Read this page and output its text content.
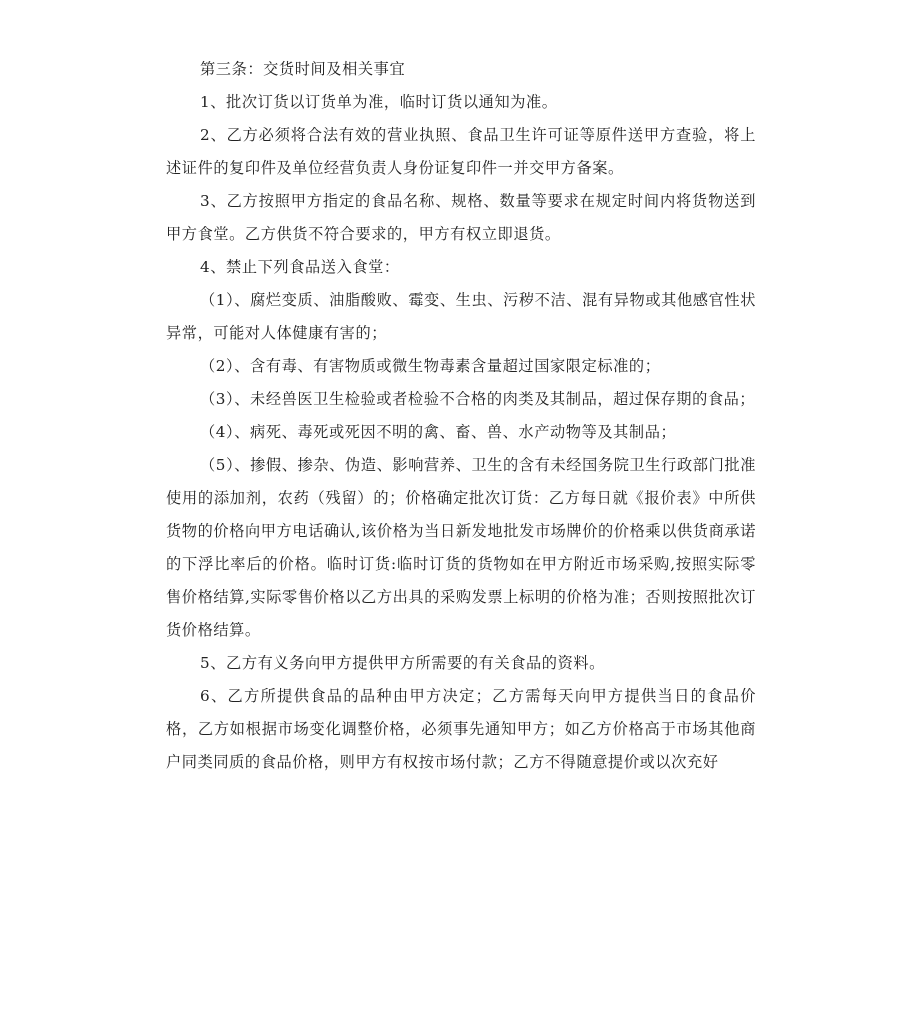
第三条：交货时间及相关事宜

1、批次订货以订货单为准，临时订货以通知为准。

2、乙方必须将合法有效的营业执照、食品卫生许可证等原件送甲方查验，将上述证件的复印件及单位经营负责人身份证复印件一并交甲方备案。

3、乙方按照甲方指定的食品名称、规格、数量等要求在规定时间内将货物送到甲方食堂。乙方供货不符合要求的，甲方有权立即退货。

4、禁止下列食品送入食堂：

（1）、腐烂变质、油脂酸败、霉变、生虫、污秽不洁、混有异物或其他感官性状异常，可能对人体健康有害的；

（2）、含有毒、有害物质或微生物毒素含量超过国家限定标准的；

（3）、未经兽医卫生检验或者检验不合格的肉类及其制品，超过保存期的食品；

（4）、病死、毒死或死因不明的禽、畜、兽、水产动物等及其制品；

（5）、掺假、掺杂、伪造、影响营养、卫生的含有未经国务院卫生行政部门批准使用的添加剂，农药（残留）的；价格确定批次订货：乙方每日就《报价表》中所供货物的价格向甲方电话确认,该价格为当日新发地批发市场牌价的价格乘以供货商承诺的下浮比率后的价格。临时订货:临时订货的货物如在甲方附近市场采购,按照实际零售价格结算,实际零售价格以乙方出具的采购发票上标明的价格为准；否则按照批次订货价格结算。

5、乙方有义务向甲方提供甲方所需要的有关食品的资料。

6、乙方所提供食品的品种由甲方决定；乙方需每天向甲方提供当日的食品价格，乙方如根据市场变化调整价格，必须事先通知甲方；如乙方价格高于市场其他商户同类同质的食品价格，则甲方有权按市场付款；乙方不得随意提价或以次充好
